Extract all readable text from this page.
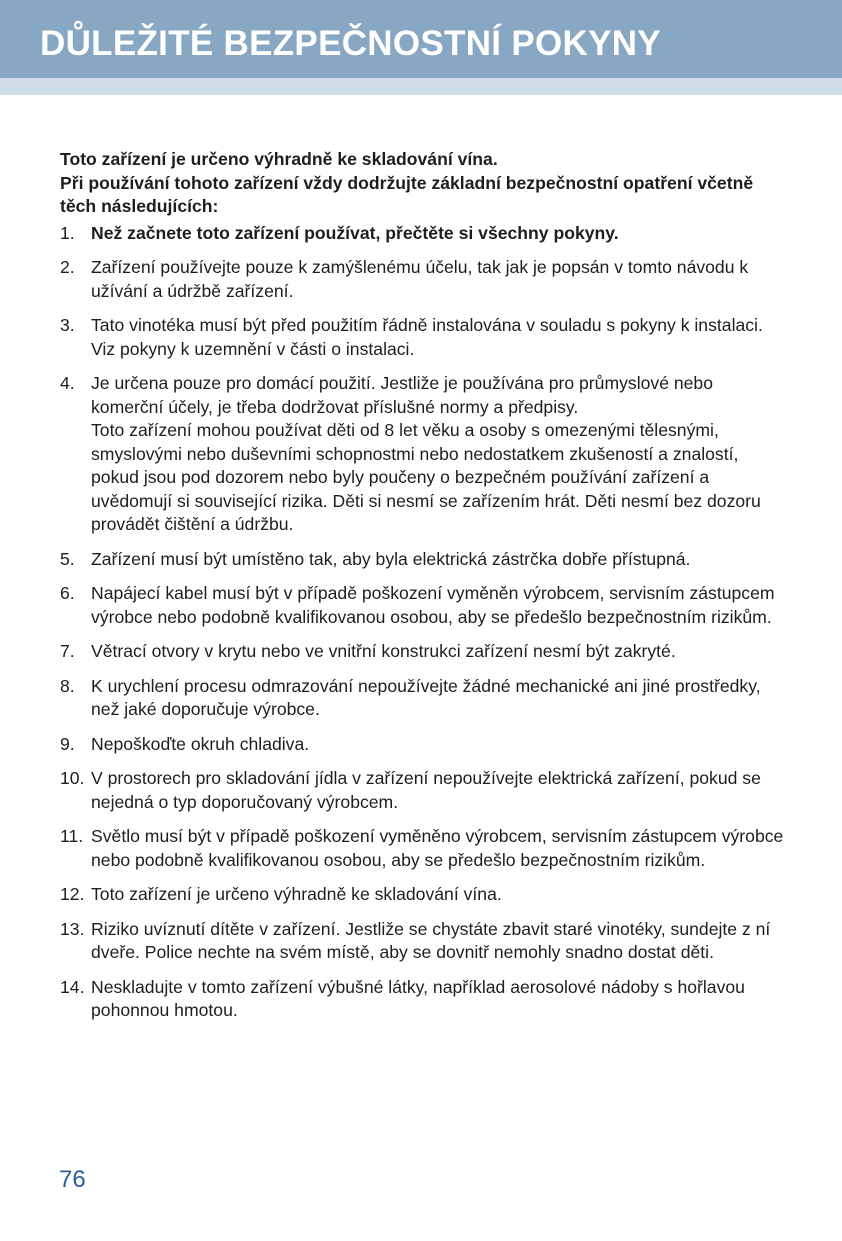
DŮLEŽITÉ BEZPEČNOSTNÍ POKYNY

Toto zařízení je určeno výhradně ke skladování vína.

Při používání tohoto zařízení vždy dodržujte základní bezpečnostní opatření včetně těch následujících:

1. Než začnete toto zařízení používat, přečtěte si všechny pokyny.
2. Zařízení používejte pouze k zamýšlenému účelu, tak jak je popsán v tomto návodu k užívání a údržbě zařízení.
3. Tato vinotéka musí být před použitím řádně instalována v souladu s pokyny k instalaci. Viz pokyny k uzemnění v části o instalaci.
4. Je určena pouze pro domácí použití. Jestliže je používána pro průmyslové nebo komerční účely, je třeba dodržovat příslušné normy a předpisy.
Toto zařízení mohou používat děti od 8 let věku a osoby s omezenými tělesnými, smyslovými nebo duševními schopnostmi nebo nedostatkem zkušeností a znalostí, pokud jsou pod dozorem nebo byly poučeny o bezpečném používání zařízení a uvědomují si související rizika. Děti si nesmí se zařízením hrát. Děti nesmí bez dozoru provádět čištění a údržbu.
5. Zařízení musí být umístěno tak, aby byla elektrická zástrčka dobře přístupná.
6. Napájecí kabel musí být v případě poškození vyměněn výrobcem, servisním zástupcem výrobce nebo podobně kvalifikovanou osobou, aby se předešlo bezpečnostním rizikům.
7. Větrací otvory v krytu nebo ve vnitřní konstrukci zařízení nesmí být zakryté.
8. K urychlení procesu odmrazování nepoužívejte žádné mechanické ani jiné prostředky, než jaké doporučuje výrobce.
9. Nepoškoďte okruh chladiva.
10. V prostorech pro skladování jídla v zařízení nepoužívejte elektrická zařízení, pokud se nejedná o typ doporučovaný výrobcem.
11. Světlo musí být v případě poškození vyměněno výrobcem, servisním zástupcem výrobce nebo podobně kvalifikovanou osobou, aby se předešlo bezpečnostním rizikům.
12. Toto zařízení je určeno výhradně ke skladování vína.
13. Riziko uvíznutí dítěte v zařízení. Jestliže se chystáte zbavit staré vinotéky, sundejte z ní dveře. Police nechte na svém místě, aby se dovnitř nemohly snadno dostat děti.
14. Neskladujte v tomto zařízení výbušné látky, například aerosolové nádoby s hořlavou pohonnou hmotou.
76
